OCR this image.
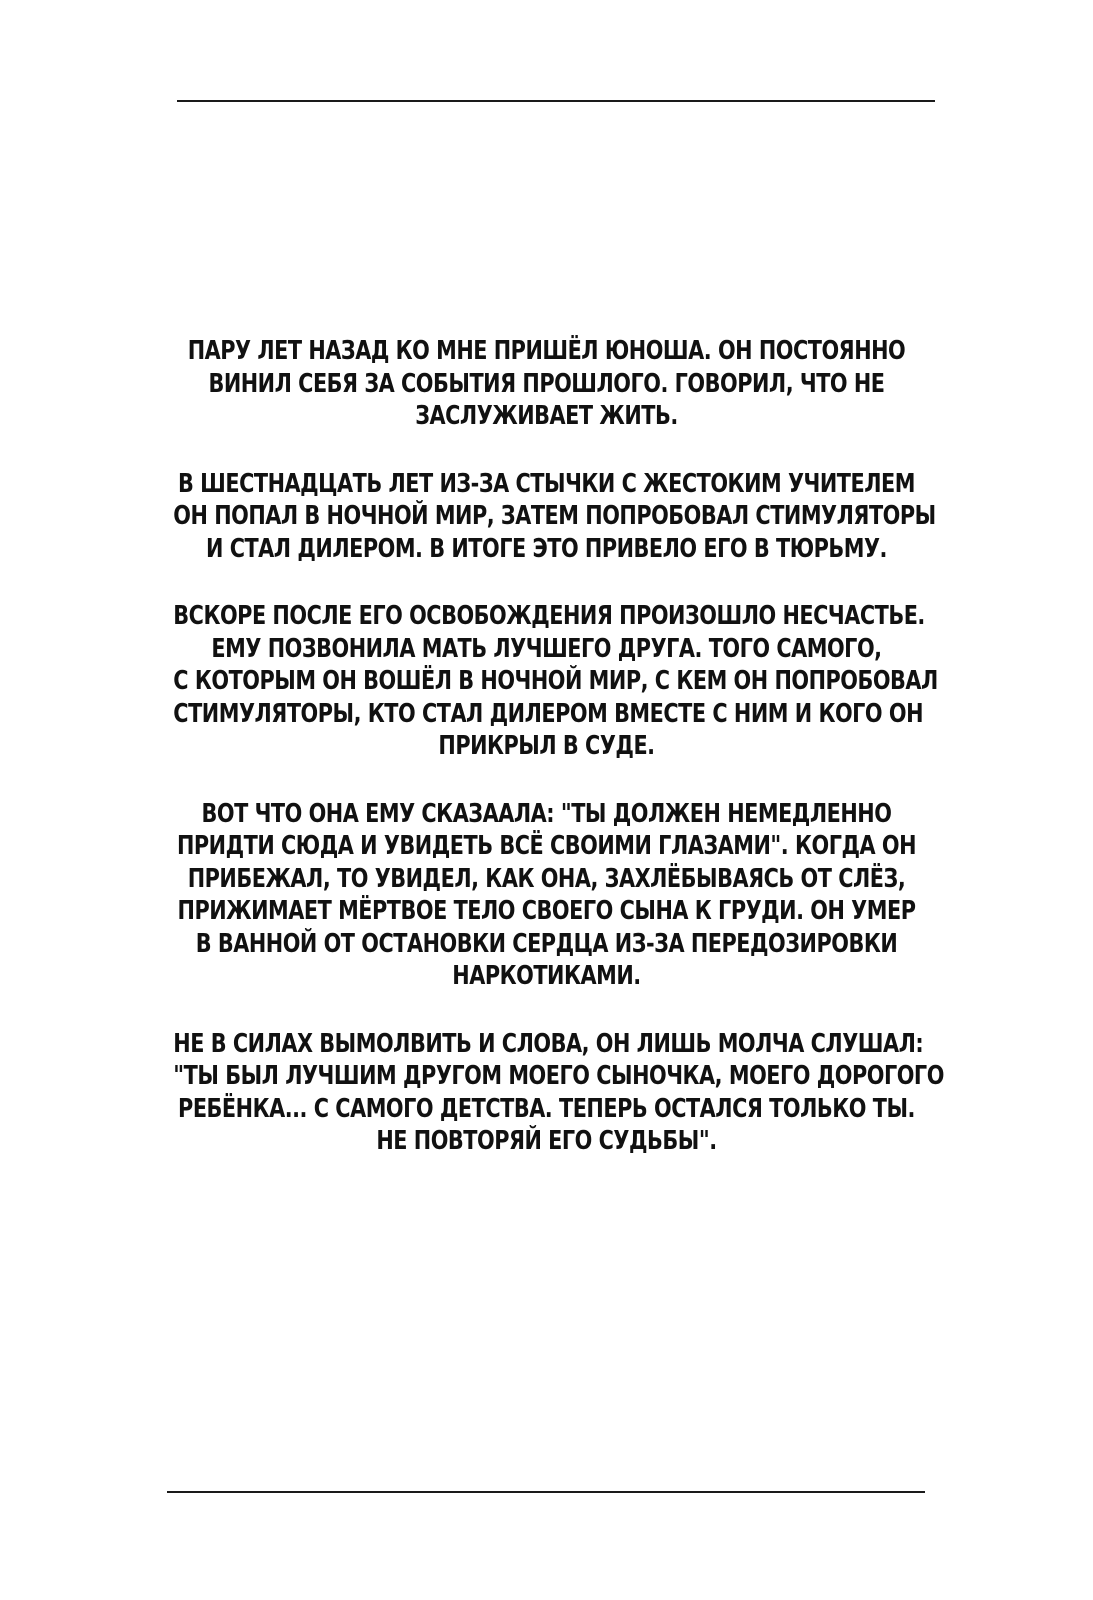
ПАРУ ЛЕТ НАЗАД КО МНЕ ПРИШЁЛ ЮНОША. ОН ПОСТОЯННО
ВИНИЛ СЕБЯ ЗА СОБЫТИЯ ПРОШЛОГО. ГОВОРИЛ, ЧТО НЕ
ЗАСЛУЖИВАЕТ ЖИТЬ.

В ШЕСТНАДЦАТЬ ЛЕТ ИЗ-ЗА СТЫЧКИ С ЖЕСТОКИМ УЧИТЕЛЕМ
ОН ПОПАЛ В НОЧНОЙ МИР, ЗАТЕМ ПОПРОБОВАЛ СТИМУЛЯТОРЫ
И СТАЛ ДИЛЕРОМ. В ИТОГЕ ЭТО ПРИВЕЛО ЕГО В ТЮРЬМУ.

ВСКОРЕ ПОСЛЕ ЕГО ОСВОБОЖДЕНИЯ ПРОИЗОШЛО НЕСЧАСТЬЕ.
ЕМУ ПОЗВОНИЛА МАТЬ ЛУЧШЕГО ДРУГА. ТОГО САМОГО,
С КОТОРЫМ ОН ВОШЁЛ В НОЧНОЙ МИР, С КЕМ ОН ПОПРОБОВАЛ
СТИМУЛЯТОРЫ, КТО СТАЛ ДИЛЕРОМ ВМЕСТЕ С НИМ И КОГО ОН
ПРИКРЫЛ В СУДЕ.

ВОТ ЧТО ОНА ЕМУ СКАЗААЛА: "ТЫ ДОЛЖЕН НЕМЕДЛЕННО
ПРИДТИ СЮДА И УВИДЕТЬ ВСЁ СВОИМИ ГЛАЗАМИ". КОГДА ОН
ПРИБЕЖАЛ, ТО УВИДЕЛ, КАК ОНА, ЗАХЛЁБЫВАЯСЬ ОТ СЛЁЗ,
ПРИЖИМАЕТ МЁРТВОЕ ТЕЛО СВОЕГО СЫНА К ГРУДИ. ОН УМЕР
В ВАННОЙ ОТ ОСТАНОВКИ СЕРДЦА ИЗ-ЗА ПЕРЕДОЗИРОВКИ
НАРКОТИКАМИ.

НЕ В СИЛАХ ВЫМОЛВИТЬ И СЛОВА, ОН ЛИШЬ МОЛЧА СЛУШАЛ:
"ТЫ БЫЛ ЛУЧШИМ ДРУГОМ МОЕГО СЫНОЧКА, МОЕГО ДОРОГОГО
РЕБЁНКА... С САМОГО ДЕТСТВА. ТЕПЕРЬ ОСТАЛСЯ ТОЛЬКО ТЫ.
НЕ ПОВТОРЯЙ ЕГО СУДЬБЫ".
